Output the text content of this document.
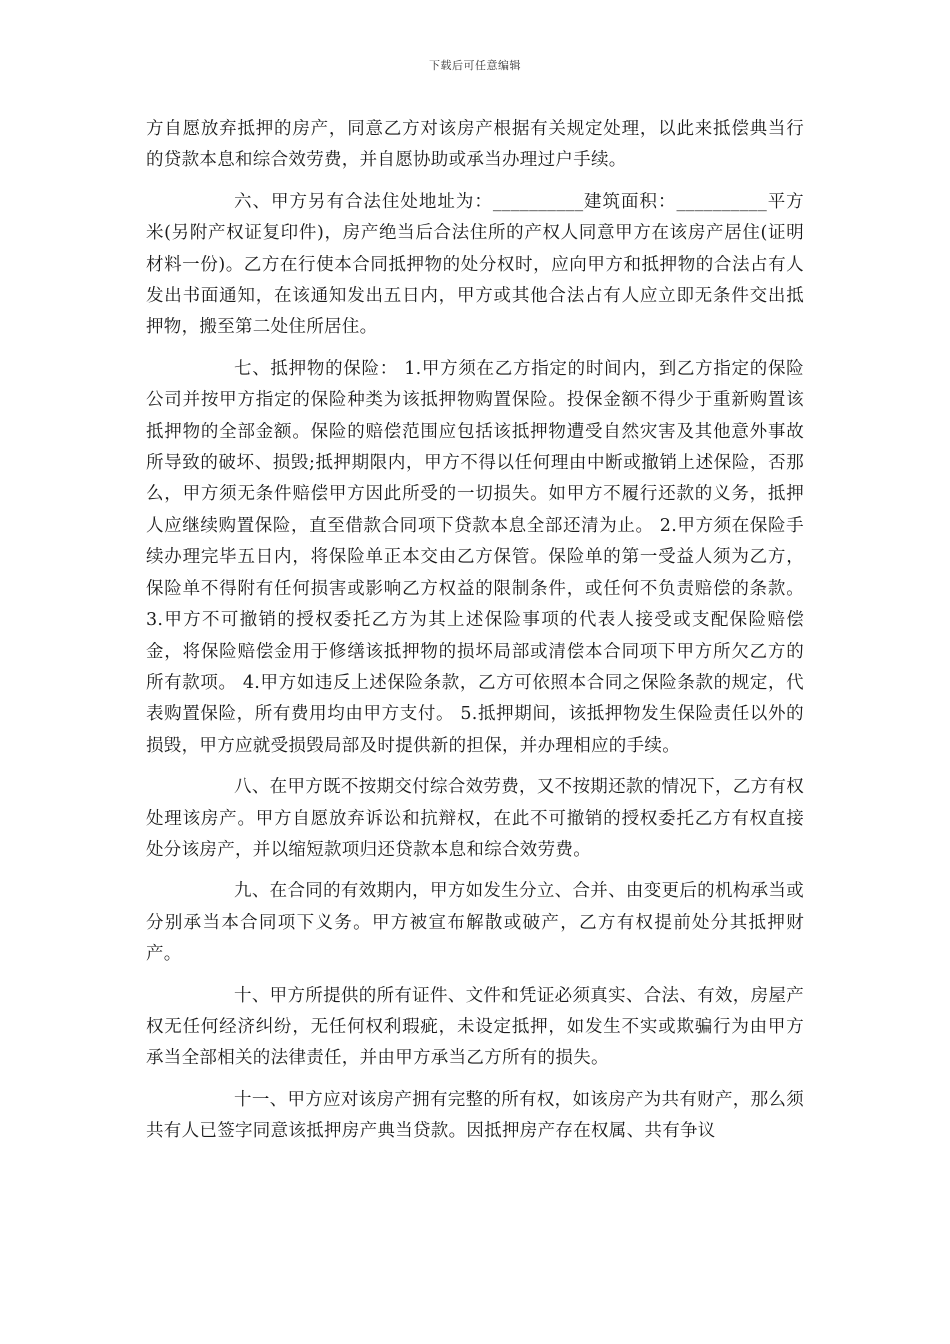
下载后可任意编辑

方自愿放弃抵押的房产，同意乙方对该房产根据有关规定处理，以此来抵偿典当行的贷款本息和综合效劳费，并自愿协助或承当办理过户手续。

六、甲方另有合法住处地址为：__________建筑面积：__________平方米(另附产权证复印件)，房产绝当后合法住所的产权人同意甲方在该房产居住(证明材料一份)。乙方在行使本合同抵押物的处分权时，应向甲方和抵押物的合法占有人发出书面通知，在该通知发出五日内，甲方或其他合法占有人应立即无条件交出抵押物，搬至第二处住所居住。

七、抵押物的保险： 1.甲方须在乙方指定的时间内，到乙方指定的保险公司并按甲方指定的保险种类为该抵押物购置保险。投保金额不得少于重新购置该抵押物的全部金额。保险的赔偿范围应包括该抵押物遭受自然灾害及其他意外事故所导致的破坏、损毁;抵押期限内，甲方不得以任何理由中断或撤销上述保险，否那么，甲方须无条件赔偿甲方因此所受的一切损失。如甲方不履行还款的义务，抵押人应继续购置保险，直至借款合同项下贷款本息全部还清为止。 2.甲方须在保险手续办理完毕五日内，将保险单正本交由乙方保管。保险单的第一受益人须为乙方，保险单不得附有任何损害或影响乙方权益的限制条件，或任何不负责赔偿的条款。 3.甲方不可撤销的授权委托乙方为其上述保险事项的代表人接受或支配保险赔偿金，将保险赔偿金用于修缮该抵押物的损坏局部或清偿本合同项下甲方所欠乙方的所有款项。 4.甲方如违反上述保险条款，乙方可依照本合同之保险条款的规定，代表购置保险，所有费用均由甲方支付。 5.抵押期间，该抵押物发生保险责任以外的损毁，甲方应就受损毁局部及时提供新的担保，并办理相应的手续。

八、在甲方既不按期交付综合效劳费，又不按期还款的情况下，乙方有权处理该房产。甲方自愿放弃诉讼和抗辩权，在此不可撤销的授权委托乙方有权直接处分该房产，并以缩短款项归还贷款本息和综合效劳费。

九、在合同的有效期内，甲方如发生分立、合并、由变更后的机构承当或分别承当本合同项下义务。甲方被宣布解散或破产，乙方有权提前处分其抵押财产。

十、甲方所提供的所有证件、文件和凭证必须真实、合法、有效，房屋产权无任何经济纠纷，无任何权利瑕疵，未设定抵押，如发生不实或欺骗行为由甲方承当全部相关的法律责任，并由甲方承当乙方所有的损失。

十一、甲方应对该房产拥有完整的所有权，如该房产为共有财产，那么须共有人已签字同意该抵押房产典当贷款。因抵押房产存在权属、共有争议
